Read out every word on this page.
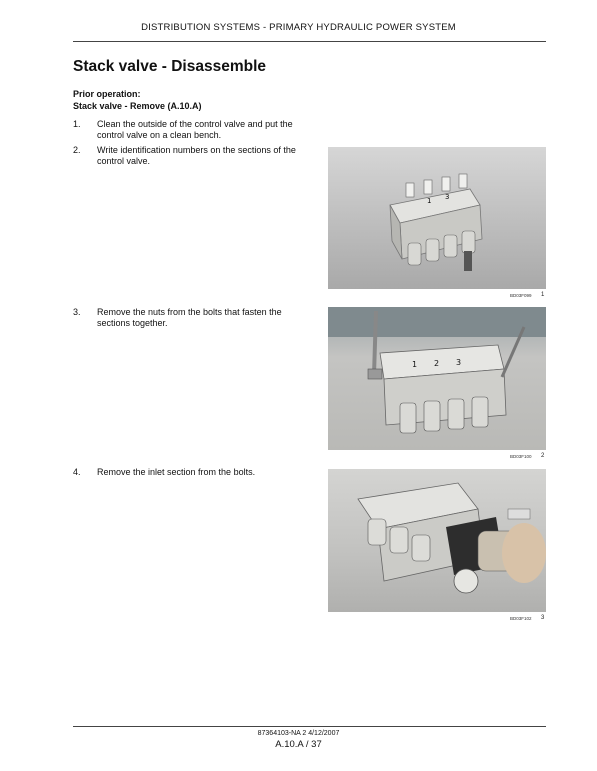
DISTRIBUTION SYSTEMS - PRIMARY HYDRAULIC POWER SYSTEM
Stack valve - Disassemble
Prior operation:
Stack valve - Remove (A.10.A)
1. Clean the outside of the control valve and put the control valve on a clean bench.
2. Write identification numbers on the sections of the control valve.
3. Remove the nuts from the bolts that fasten the sections together.
4. Remove the inlet section from the bolts.
1 3
BD03F099 1
1 2 3
BD03F100 2
BD03F102 3
87364103-NA 2 4/12/2007
A.10.A / 37
